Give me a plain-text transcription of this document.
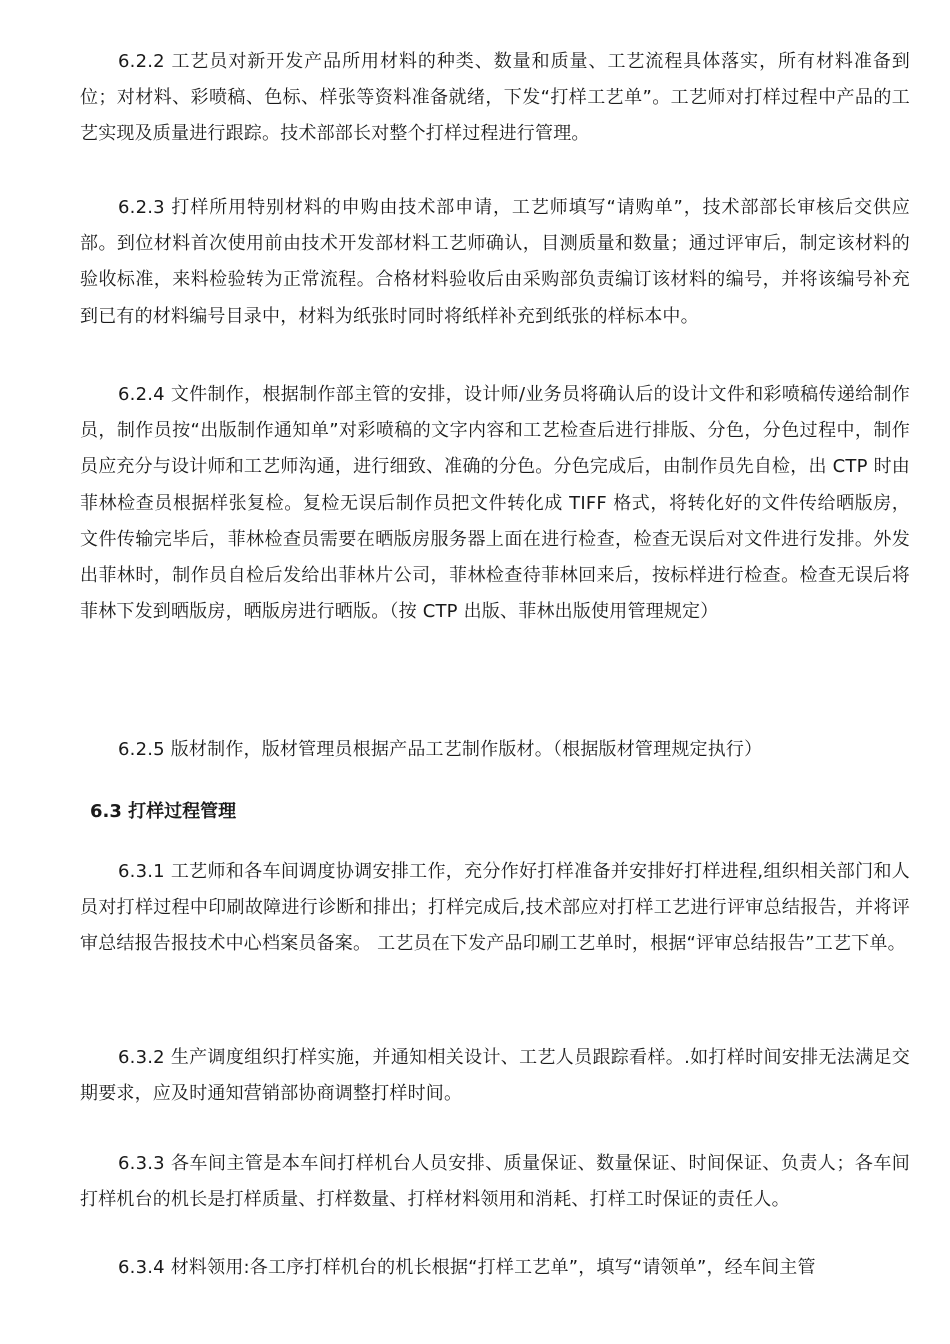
6.2.2 工艺员对新开发产品所用材料的种类、数量和质量、工艺流程具体落实，所有材料准备到位；对材料、彩喷稿、色标、样张等资料准备就绪，下发“打样工艺单”。工艺师对打样过程中产品的工艺实现及质量进行跟踪。技术部部长对整个打样过程进行管理。

6.2.3 打样所用特别材料的申购由技术部申请，工艺师填写“请购单”，技术部部长审核后交供应部。到位材料首次使用前由技术开发部材料工艺师确认，目测质量和数量；通过评审后，制定该材料的验收标准，来料检验转为正常流程。合格材料验收后由采购部负责编订该材料的编号，并将该编号补充到已有的材料编号目录中，材料为纸张时同时将纸样补充到纸张的样标本中。

6.2.4 文件制作，根据制作部主管的安排，设计师/业务员将确认后的设计文件和彩喷稿传递给制作员，制作员按“出版制作通知单”对彩喷稿的文字内容和工艺检查后进行排版、分色，分色过程中，制作员应充分与设计师和工艺师沟通，进行细致、准确的分色。分色完成后，由制作员先自检，出 CTP 时由菲林检查员根据样张复检。复检无误后制作员把文件转化成 TIFF 格式，将转化好的文件传给晒版房，文件传输完毕后，菲林检查员需要在晒版房服务器上面在进行检查，检查无误后对文件进行发排。外发出菲林时，制作员自检后发给出菲林片公司，菲林检查待菲林回来后，按标样进行检查。检查无误后将菲林下发到晒版房，晒版房进行晒版。（按 CTP 出版、菲林出版使用管理规定）

6.2.5 版材制作，版材管理员根据产品工艺制作版材。（根据版材管理规定执行）

6.3 打样过程管理

6.3.1 工艺师和各车间调度协调安排工作，充分作好打样准备并安排好打样进程,组织相关部门和人员对打样过程中印刷故障进行诊断和排出；打样完成后,技术部应对打样工艺进行评审总结报告，并将评审总结报告报技术中心档案员备案。 工艺员在下发产品印刷工艺单时，根据“评审总结报告”工艺下单。

6.3.2 生产调度组织打样实施，并通知相关设计、工艺人员跟踪看样。.如打样时间安排无法满足交期要求，应及时通知营销部协商调整打样时间。

6.3.3 各车间主管是本车间打样机台人员安排、质量保证、数量保证、时间保证、负责人；各车间打样机台的机长是打样质量、打样数量、打样材料领用和消耗、打样工时保证的责任人。

6.3.4 材料领用:各工序打样机台的机长根据“打样工艺单”，填写“请领单”，经车间主管
